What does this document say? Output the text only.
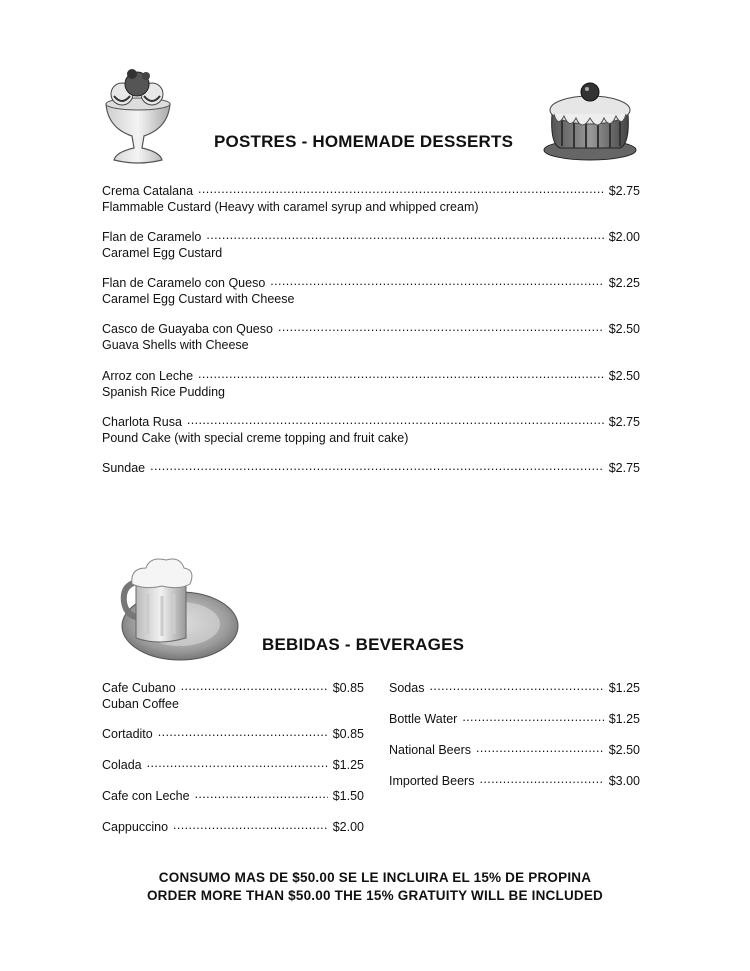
POSTRES - HOMEMADE DESSERTS
Crema Catalana .....	$2.75
Flammable Custard (Heavy with caramel syrup and whipped cream)
Flan de Caramelo .....	$2.00
Caramel Egg Custard
Flan de Caramelo con Queso .....	$2.25
Caramel Egg Custard with Cheese
Casco de Guayaba con Queso .....	$2.50
Guava Shells with Cheese
Arroz con Leche .....	$2.50
Spanish Rice Pudding
Charlota Rusa .....	$2.75
Pound Cake (with special creme topping and fruit cake)
Sundae .....	$2.75
BEBIDAS - BEVERAGES
Cafe Cubano .....	$0.85
Cuban Coffee
Cortadito .....	$0.85
Colada .....	$1.25
Cafe con Leche .....	$1.50
Cappuccino .....	$2.00
Sodas .....	$1.25
Bottle Water .....	$1.25
National Beers .....	$2.50
Imported Beers .....	$3.00
CONSUMO MAS DE $50.00 SE LE INCLUIRA EL 15% DE PROPINA
ORDER MORE THAN $50.00 THE 15% GRATUITY WILL BE INCLUDED
